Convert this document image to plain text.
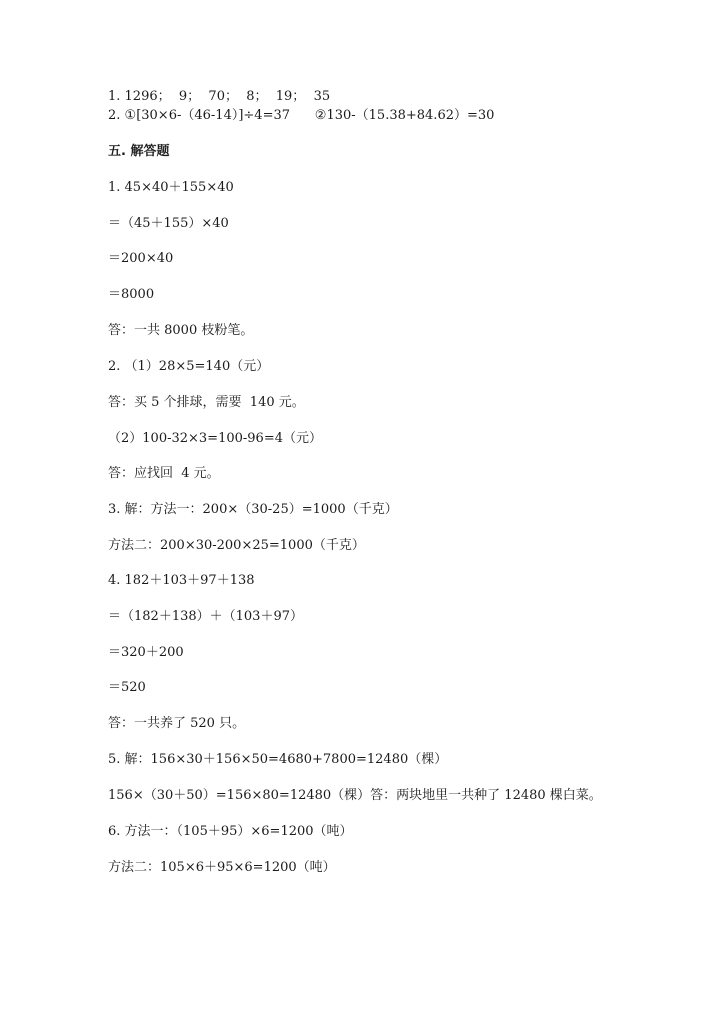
1. 1296；  9；  70；  8；  19；  35
2. ①[30×6-（46-14）]÷4=37      ②130-（15.38+84.62）=30
五. 解答题
1. 45×40＋155×40
＝（45＋155）×40
＝200×40
＝8000
答：一共 8000 枝粉笔。
2. （1）28×5=140（元）
答：买 5 个排球，需要  140 元。
（2）100-32×3=100-96=4（元）
答：应找回  4 元。
3. 解：方法一：200×（30-25）=1000（千克）
方法二：200×30-200×25=1000（千克）
4. 182＋103＋97＋138
＝（182＋138）＋（103＋97）
＝320＋200
＝520
答：一共养了 520 只。
5. 解：156×30＋156×50=4680+7800=12480（棵）
156×（30＋50）=156×80=12480（棵）答：两块地里一共种了 12480 棵白菜。
6. 方法一：（105＋95）×6=1200（吨）
方法二：105×6＋95×6=1200（吨）
